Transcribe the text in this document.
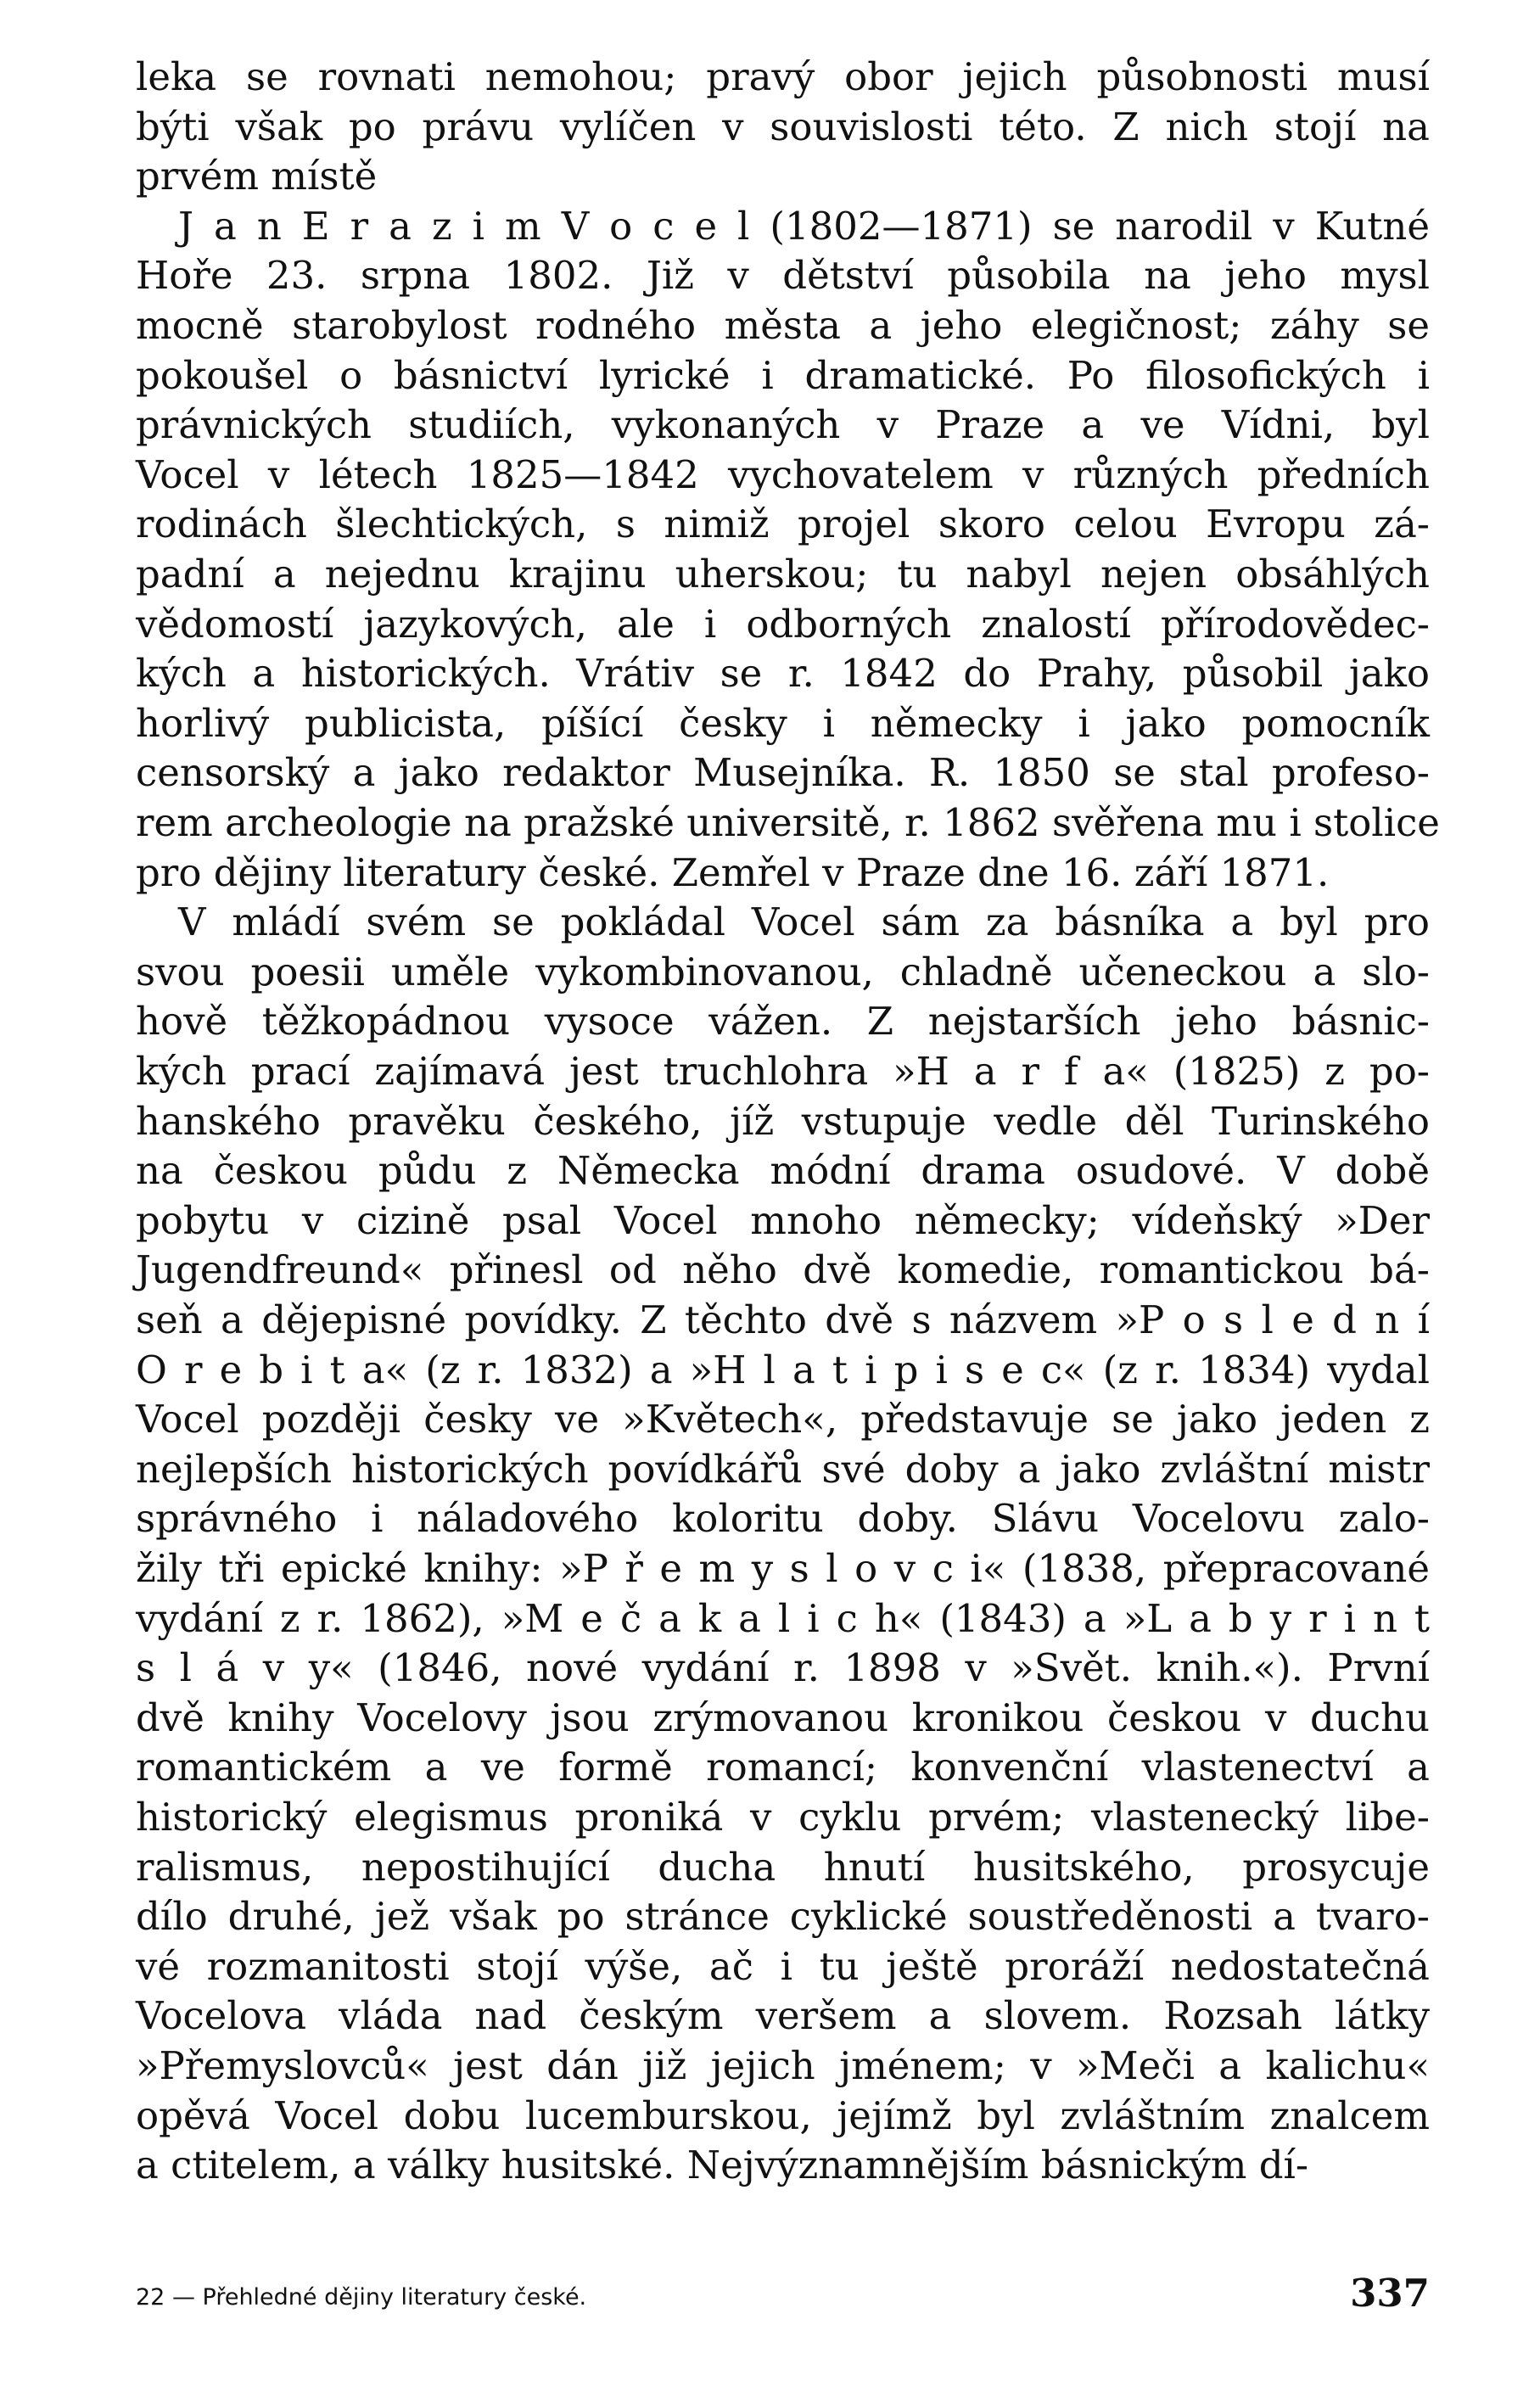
leka se rovnati nemohou; pravý obor jejich působnosti musí
býti však po právu vylíčen v souvislosti této. Z nich stojí na
prvém místě
J a n E r a z i m V o c e l (1802—1871) se narodil v Kutné
Hoře 23. srpna 1802. Již v dětství působila na jeho mysl
mocně starobylost rodného města a jeho elegičnost; záhy se
pokoušel o básnictví lyrické i dramatické. Po filosofických i
právnických studiích, vykonaných v Praze a ve Vídni, byl
Vocel v létech 1825—1842 vychovatelem v různých předních
rodinách šlechtických, s nimiž projel skoro celou Evropu zá-
padní a nejednu krajinu uherskou; tu nabyl nejen obsáhlých
vědomostí jazykových, ale i odborných znalostí přírodovědec-
kých a historických. Vrátiv se r. 1842 do Prahy, působil jako
horlivý publicista, píšící česky i německy i jako pomocník
censorský a jako redaktor Musejníka. R. 1850 se stal profeso-
rem archeologie na pražské universitě, r. 1862 svěřena mu i stolice
pro dějiny literatury české. Zemřel v Praze dne 16. září 1871.
V mládí svém se pokládal Vocel sám za básníka a byl pro
svou poesii uměle vykombinovanou, chladně učeneckou a slo-
hově těžkopádnou vysoce vážen. Z nejstarších jeho básnic-
kých prací zajímavá jest truchlohra »H a r f a« (1825) z po-
hanského pravěku českého, jíž vstupuje vedle děl Turinského
na českou půdu z Německa módní drama osudové. V době
pobytu v cizině psal Vocel mnoho německy; vídeňský »Der
Jugendfreund« přinesl od něho dvě komedie, romantickou bá-
seň a dějepisné povídky. Z těchto dvě s názvem »P o s l e d n í
O r e b i t a« (z r. 1832) a »H l a t i p i s e c« (z r. 1834) vydal
Vocel později česky ve »Květech«, představuje se jako jeden z
nejlepších historických povídkářů své doby a jako zvláštní mistr
správného i náladového koloritu doby. Slávu Vocelovu zalo-
žily tři epické knihy: »P ř e m y s l o v c i« (1838, přepracované
vydání z r. 1862), »M e č a k a l i c h« (1843) a »L a b y r i n t
s l á v y« (1846, nové vydání r. 1898 v »Svět. knih.«). První
dvě knihy Vocelovy jsou zrýmovanou kronikou českou v duchu
romantickém a ve formě romancí; konvenční vlastenectví a
historický elegismus proniká v cyklu prvém; vlastenecký libe-
ralismus, nepostihující ducha hnutí husitského, prosycuje
dílo druhé, jež však po stránce cyklické soustředěnosti a tvaro-
vé rozmanitosti stojí výše, ač i tu ještě proráží nedostatečná
Vocelova vláda nad českým veršem a slovem. Rozsah látky
»Přemyslovců« jest dán již jejich jménem; v »Meči a kalichu«
opěvá Vocel dobu lucemburskou, jejímž byl zvláštním znalcem
a ctitelem, a války husitské. Nejvýznamnějším básnickým dí-
22 — Přehledné dějiny literatury české.	337
